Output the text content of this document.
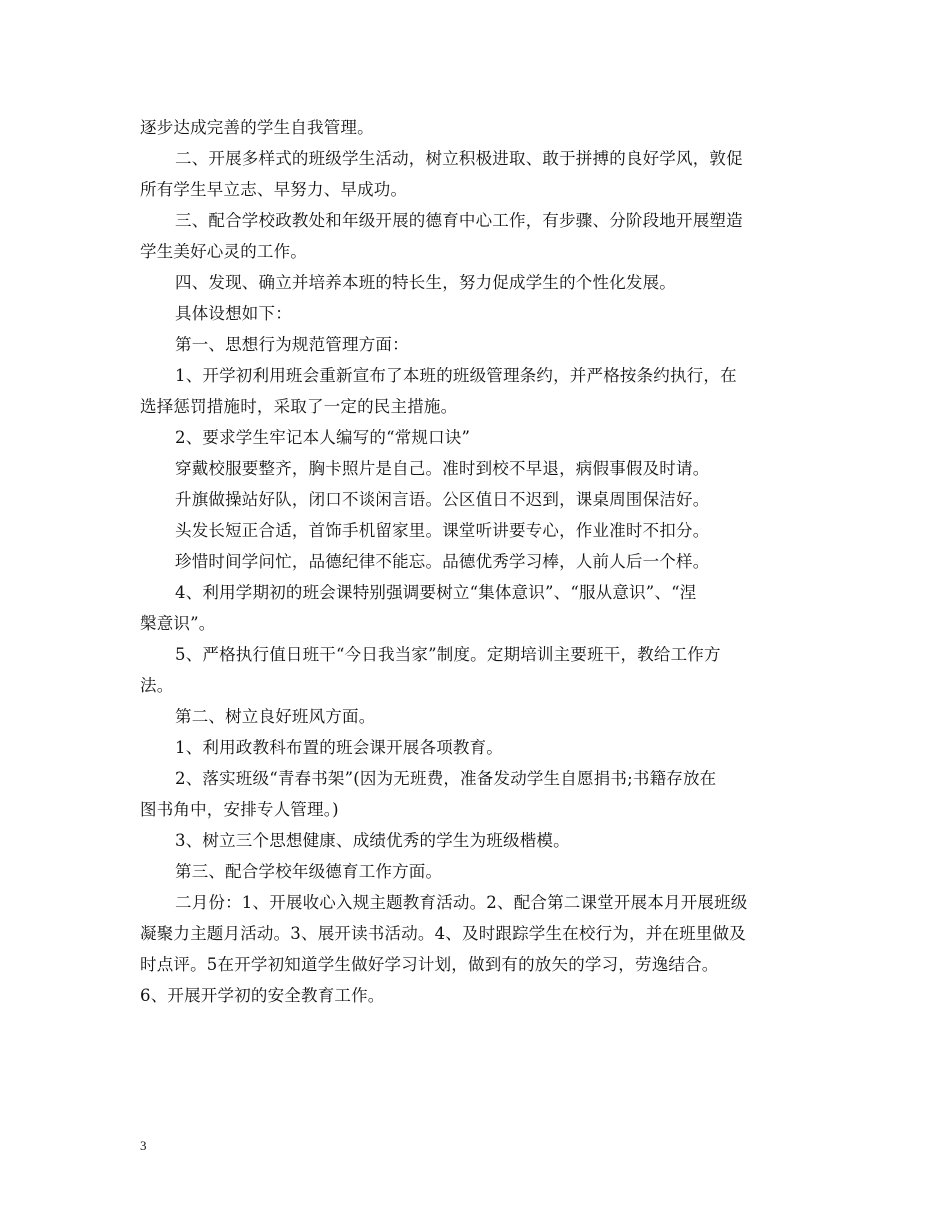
逐步达成完善的学生自我管理。
二、开展多样式的班级学生活动，树立积极进取、敢于拼搏的良好学风，敦促
所有学生早立志、早努力、早成功。
三、配合学校政教处和年级开展的德育中心工作，有步骤、分阶段地开展塑造
学生美好心灵的工作。
四、发现、确立并培养本班的特长生，努力促成学生的个性化发展。
具体设想如下：
第一、思想行为规范管理方面：
1、开学初利用班会重新宣布了本班的班级管理条约，并严格按条约执行，在
选择惩罚措施时，采取了一定的民主措施。
2、要求学生牢记本人编写的“常规口诀”
穿戴校服要整齐，胸卡照片是自己。准时到校不早退，病假事假及时请。
升旗做操站好队，闭口不谈闲言语。公区值日不迟到，课桌周围保洁好。
头发长短正合适，首饰手机留家里。课堂听讲要专心，作业准时不扣分。
珍惜时间学问忙，品德纪律不能忘。品德优秀学习棒，人前人后一个样。
4、利用学期初的班会课特别强调要树立“集体意识”、“服从意识”、“涅
槃意识”。
5、严格执行值日班干“今日我当家”制度。定期培训主要班干，教给工作方
法。
第二、树立良好班风方面。
1、利用政教科布置的班会课开展各项教育。
2、落实班级“青春书架”(因为无班费，准备发动学生自愿捐书;书籍存放在
图书角中，安排专人管理。)
3、树立三个思想健康、成绩优秀的学生为班级楷模。
第三、配合学校年级德育工作方面。
二月份：1、开展收心入规主题教育活动。2、配合第二课堂开展本月开展班级
凝聚力主题月活动。3、展开读书活动。4、及时跟踪学生在校行为，并在班里做及
时点评。5在开学初知道学生做好学习计划，做到有的放矢的学习，劳逸结合。
6、开展开学初的安全教育工作。
3
